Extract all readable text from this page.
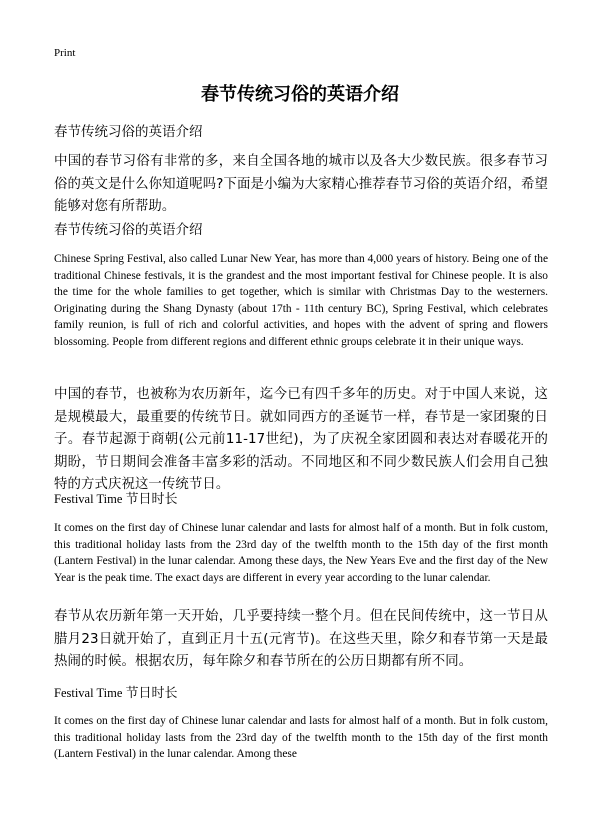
Print
春节传统习俗的英语介绍
春节传统习俗的英语介绍

中国的春节习俗有非常的多，来自全国各地的城市以及各大少数民族。很多春节习俗的英文是什么你知道呢吗?下面是小编为大家精心推荐春节习俗的英语介绍，希望能够对您有所帮助。

春节传统习俗的英语介绍

Chinese Spring Festival, also called Lunar New Year, has more than 4,000 years of history. Being one of the traditional Chinese festivals, it is the grandest and the most important festival for Chinese people. It is also the time for the whole families to get together, which is similar with Christmas Day to the westerners. Originating during the Shang Dynasty (about 17th - 11th century BC), Spring Festival, which celebrates family reunion, is full of rich and colorful activities, and hopes with the advent of spring and flowers blossoming. People from different regions and different ethnic groups celebrate it in their unique ways.

中国的春节，也被称为农历新年，迄今已有四千多年的历史。对于中国人来说，这是规模最大，最重要的传统节日。就如同西方的圣诞节一样，春节是一家团聚的日子。春节起源于商朝(公元前11-17世纪)，为了庆祝全家团圆和表达对春暖花开的期盼，节日期间会准备丰富多彩的活动。不同地区和不同少数民族人们会用自己独特的方式庆祝这一传统节日。

Festival Time 节日时长

It comes on the first day of Chinese lunar calendar and lasts for almost half of a month. But in folk custom, this traditional holiday lasts from the 23rd day of the twelfth month to the 15th day of the first month (Lantern Festival) in the lunar calendar. Among these days, the New Years Eve and the first day of the New Year is the peak time. The exact days are different in every year according to the lunar calendar.

春节从农历新年第一天开始，几乎要持续一整个月。但在民间传统中，这一节日从腊月23日就开始了，直到正月十五(元宵节)。在这些天里，除夕和春节第一天是最热闹的时候。根据农历，每年除夕和春节所在的公历日期都有所不同。

Festival Time 节日时长

It comes on the first day of Chinese lunar calendar and lasts for almost half of a month. But in folk custom, this traditional holiday lasts from the 23rd day of the twelfth month to the 15th day of the first month (Lantern Festival) in the lunar calendar. Among these
